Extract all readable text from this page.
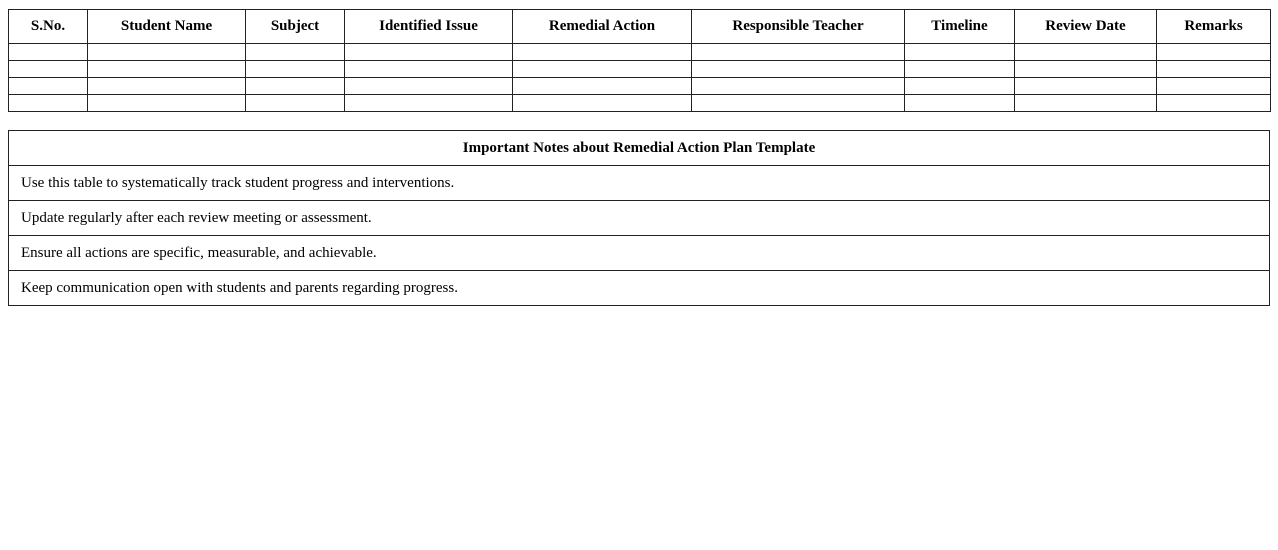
S.No.	Student Name	Subject	Identified Issue	Remedial Action	Responsible Teacher	Timeline	Review Date	Remarks

Important Notes about Remedial Action Plan Template
Use this table to systematically track student progress and interventions.
Update regularly after each review meeting or assessment.
Ensure all actions are specific, measurable, and achievable.
Keep communication open with students and parents regarding progress.
